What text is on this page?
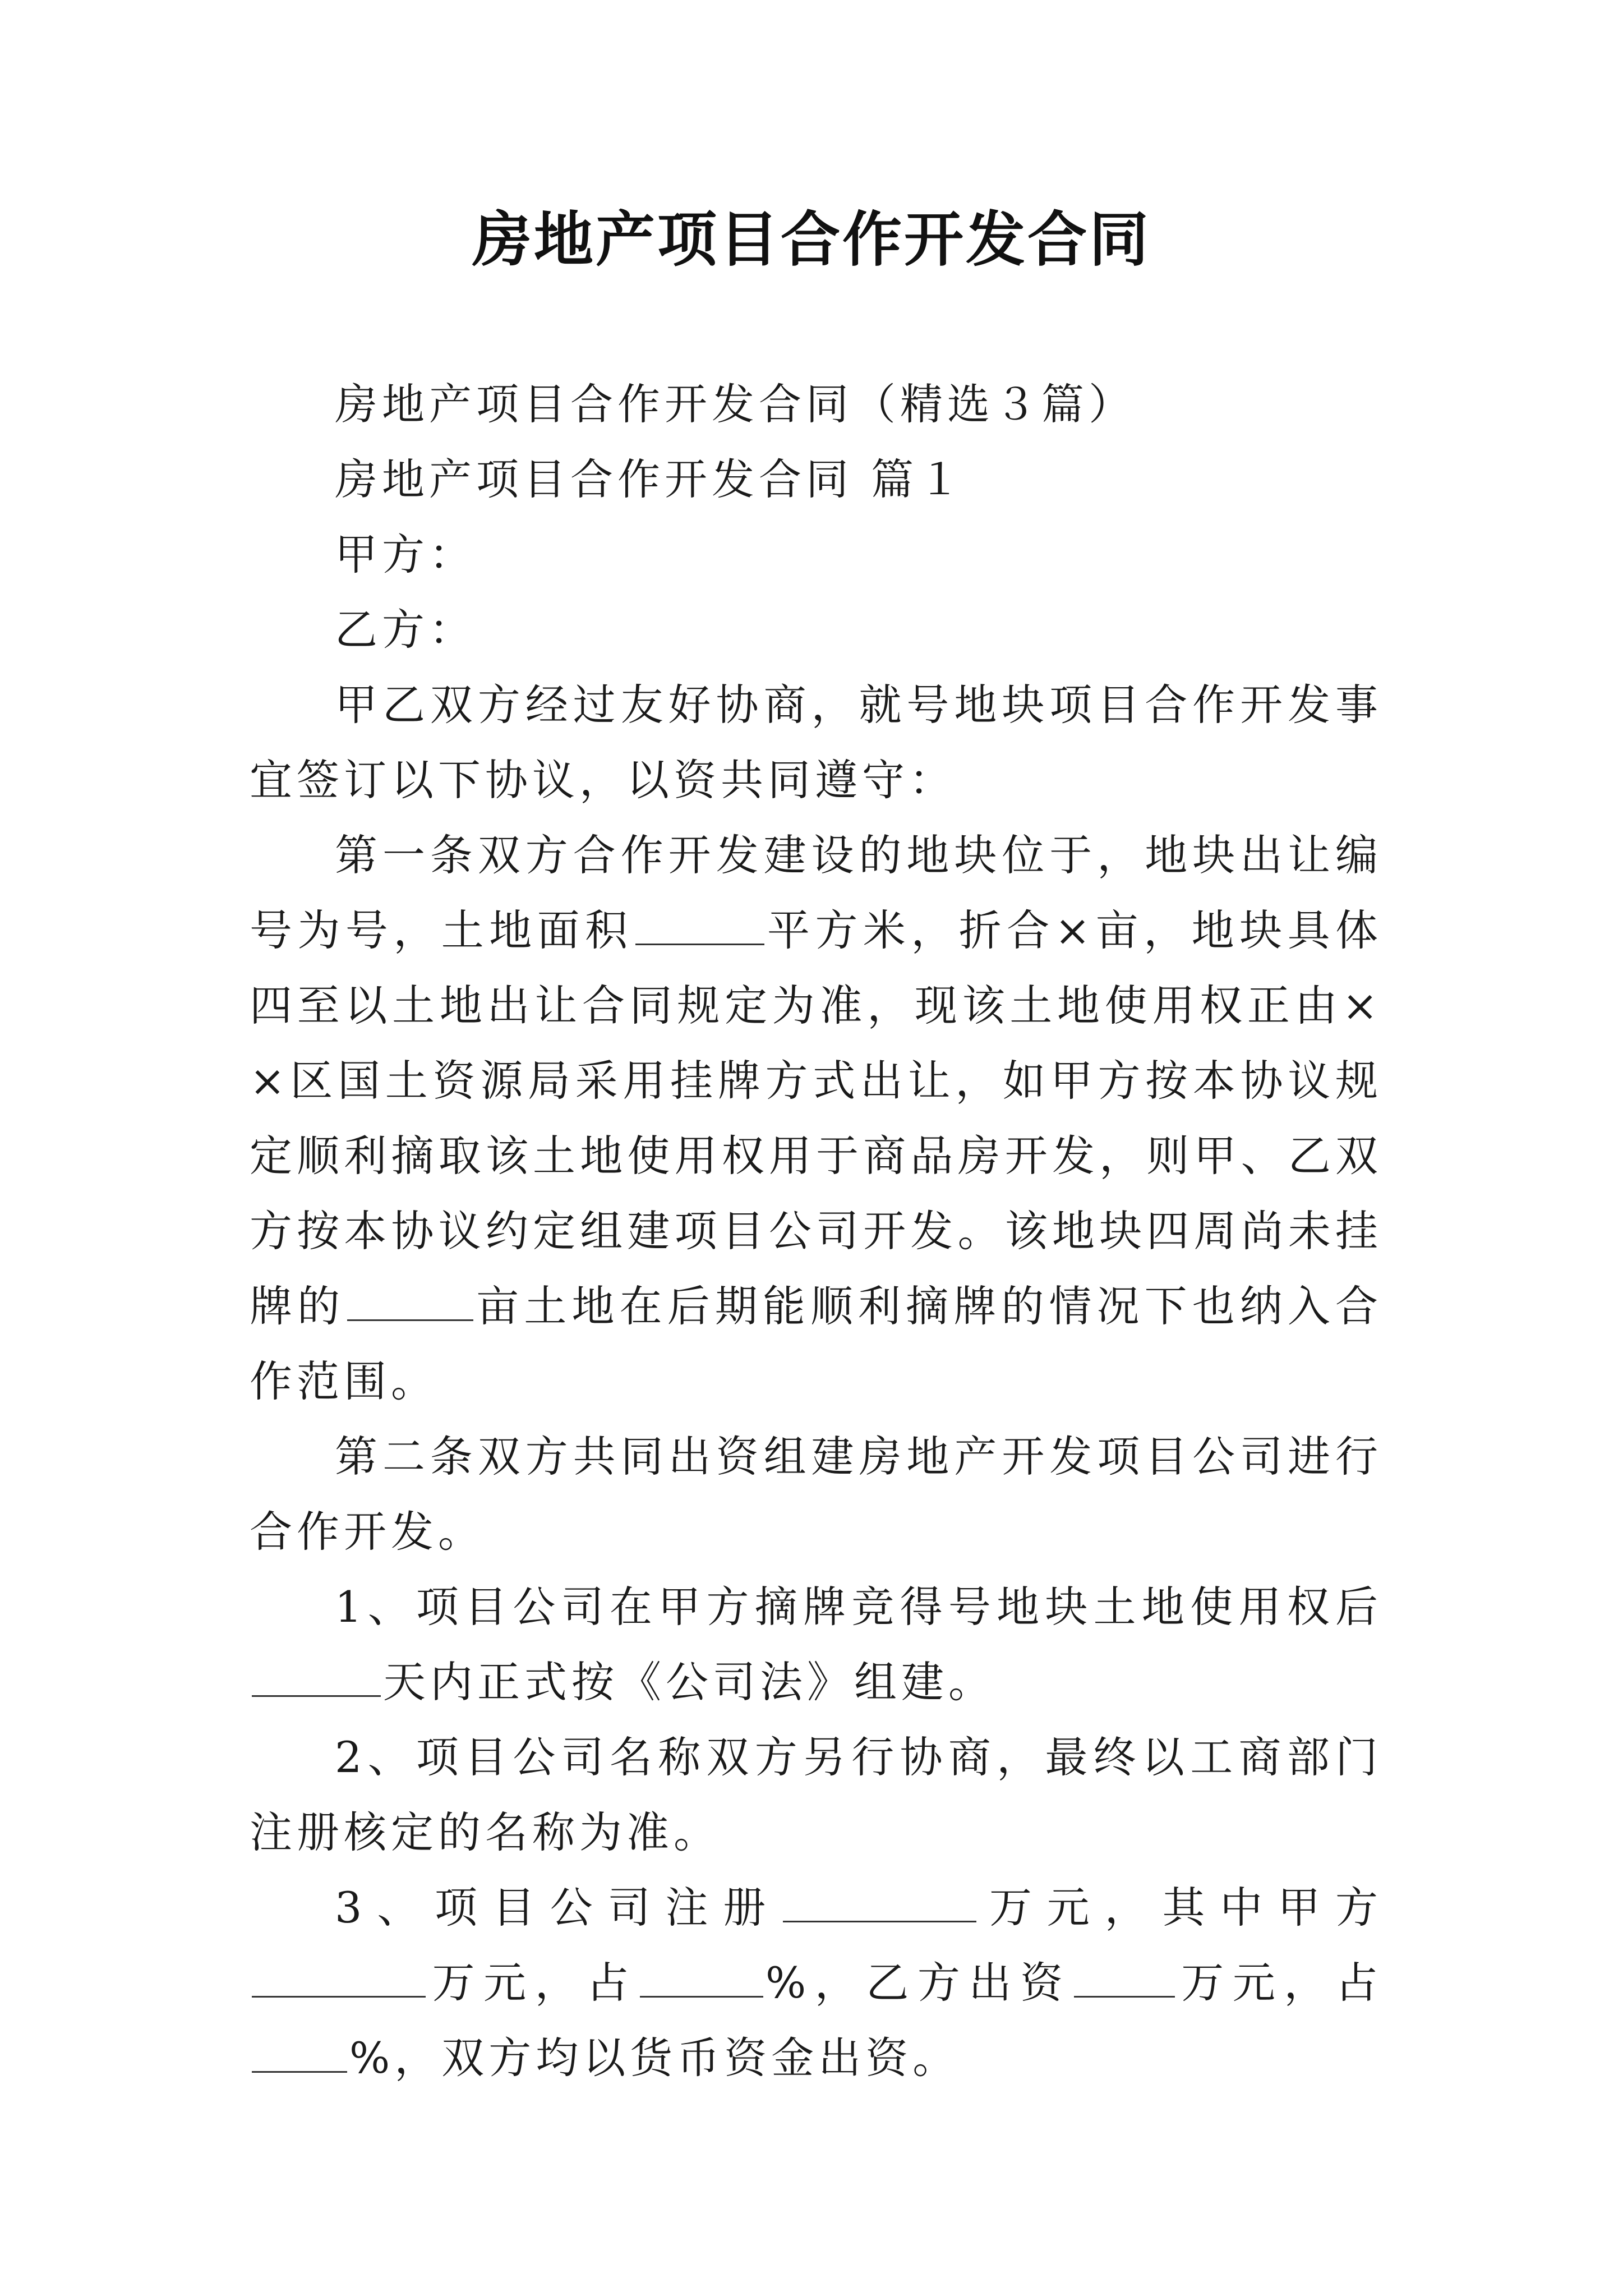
房地产项目合作开发合同

房地产项目合作开发合同（精选３篇）

房地产项目合作开发合同 篇１

甲方：

乙方：

甲乙双方经过友好协商，就号地块项目合作开发事宜签订以下协议，以资共同遵守：

第一条双方合作开发建设的地块位于，地块出让编号为号，土地面积	平方米，折合×亩，地块具体四至以土地出让合同规定为准，现该土地使用权正由××区国土资源局采用挂牌方式出让，如甲方按本协议规定顺利摘取该土地使用权用于商品房开发，则甲、乙双方按本协议约定组建项目公司开发。该地块四周尚未挂牌的	亩土地在后期能顺利摘牌的情况下也纳入合作范围。

第二条双方共同出资组建房地产开发项目公司进行合作开发。

1、项目公司在甲方摘牌竞得号地块土地使用权后天内正式按《公司法》组建。

2、项目公司名称双方另行协商，最终以工商部门注册核定的名称为准。

3、项目公司注册	万元，其中甲方万元，占	%，乙方出资 万元，占%，双方均以货币资金出资。
